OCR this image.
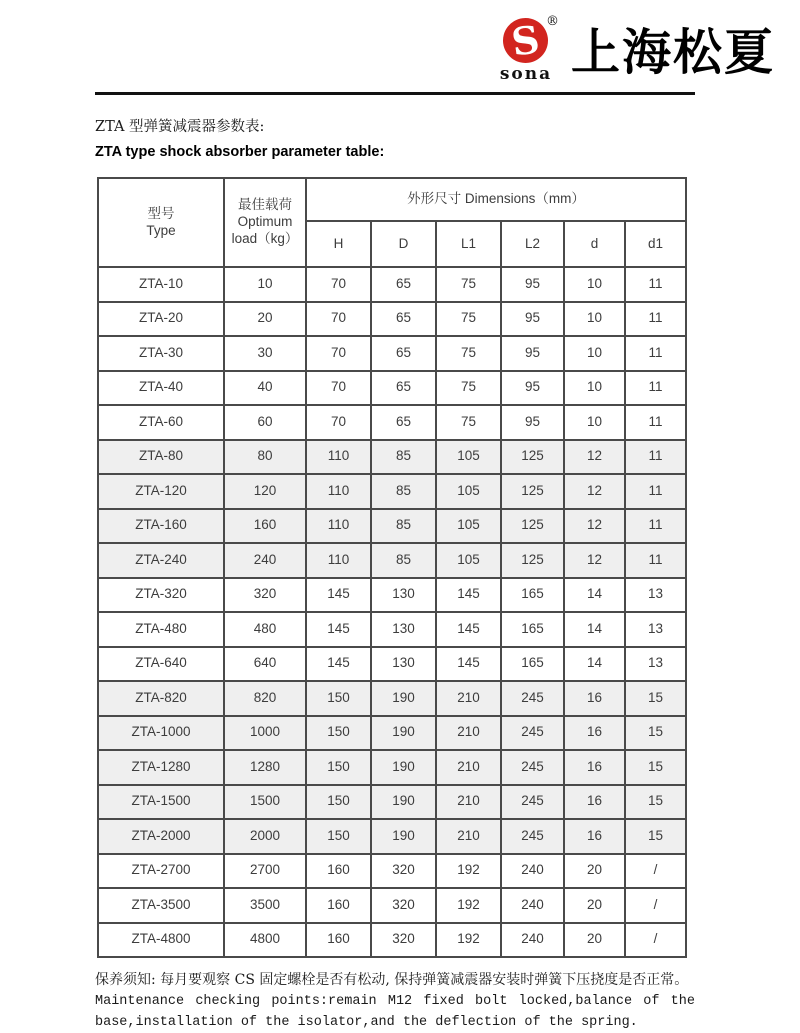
S ®
sona 上海松夏
ZTA 型弹簧减震器参数表:
ZTA type shock absorber parameter table:
型号
Type	最佳载荷
Optimum
load（kg）	外形尺寸 Dimensions（mm）					
		H	D	L1	L2	d	d1
ZTA-10	10	70	65	75	95	10	11
ZTA-20	20	70	65	75	95	10	11
ZTA-30	30	70	65	75	95	10	11
ZTA-40	40	70	65	75	95	10	11
ZTA-60	60	70	65	75	95	10	11
ZTA-80	80	110	85	105	125	12	11
ZTA-120	120	110	85	105	125	12	11
ZTA-160	160	110	85	105	125	12	11
ZTA-240	240	110	85	105	125	12	11
ZTA-320	320	145	130	145	165	14	13
ZTA-480	480	145	130	145	165	14	13
ZTA-640	640	145	130	145	165	14	13
ZTA-820	820	150	190	210	245	16	15
ZTA-1000	1000	150	190	210	245	16	15
ZTA-1280	1280	150	190	210	245	16	15
ZTA-1500	1500	150	190	210	245	16	15
ZTA-2000	2000	150	190	210	245	16	15
ZTA-2700	2700	160	320	192	240	20	/
ZTA-3500	3500	160	320	192	240	20	/
ZTA-4800	4800	160	320	192	240	20	/
保养须知: 每月要观察 CS 固定螺栓是否有松动, 保持弹簧减震器安装时弹簧下压挠度是否正常。
Maintenance checking points:remain M12 fixed bolt locked,balance of the
base,installation of the isolator,and the deflection of the spring.
